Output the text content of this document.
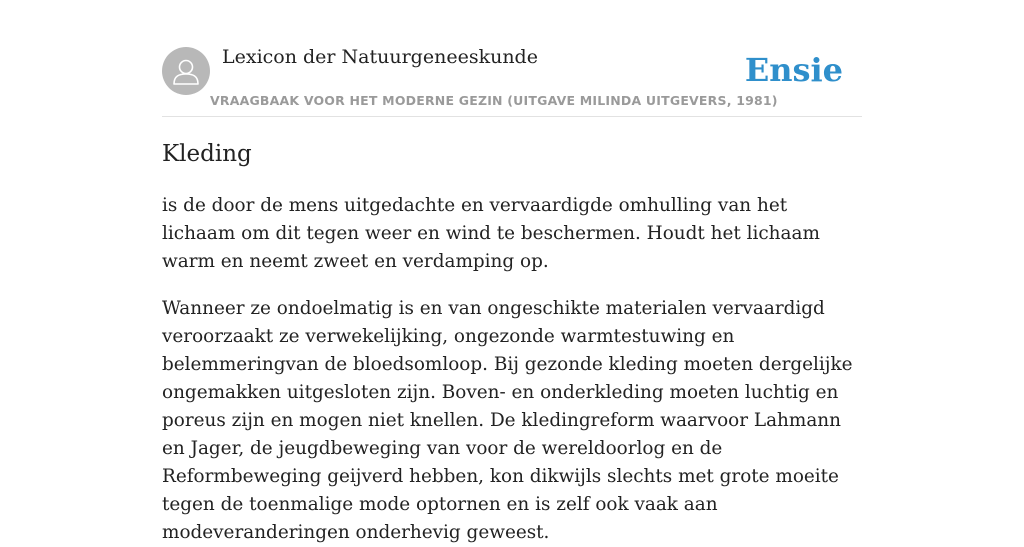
Lexicon der Natuurgeneeskunde
VRAAGBAAK VOOR HET MODERNE GEZIN (UITGAVE MILINDA UITGEVERS, 1981)
Ensie
Kleding

is de door de mens uitgedachte en vervaardigde omhulling van het lichaam om dit tegen weer en wind te beschermen. Houdt het lichaam warm en neemt zweet en verdamping op.

Wanneer ze ondoelmatig is en van ongeschikte materialen vervaardigd veroorzaakt ze verwekelijking, ongezonde warmtestuwing en belemmeringvan de bloedsomloop. Bij gezonde kleding moeten dergelijke ongemakken uitgesloten zijn. Boven- en onderkleding moeten luchtig en poreus zijn en mogen niet knellen. De kledingreform waarvoor Lahmann en Jager, de jeugdbeweging van voor de wereldoorlog en de Reformbeweging geijverd hebben, kon dikwijls slechts met grote moeite tegen de toenmalige mode optornen en is zelf ook vaak aan modeveranderingen onderhevig geweest.
